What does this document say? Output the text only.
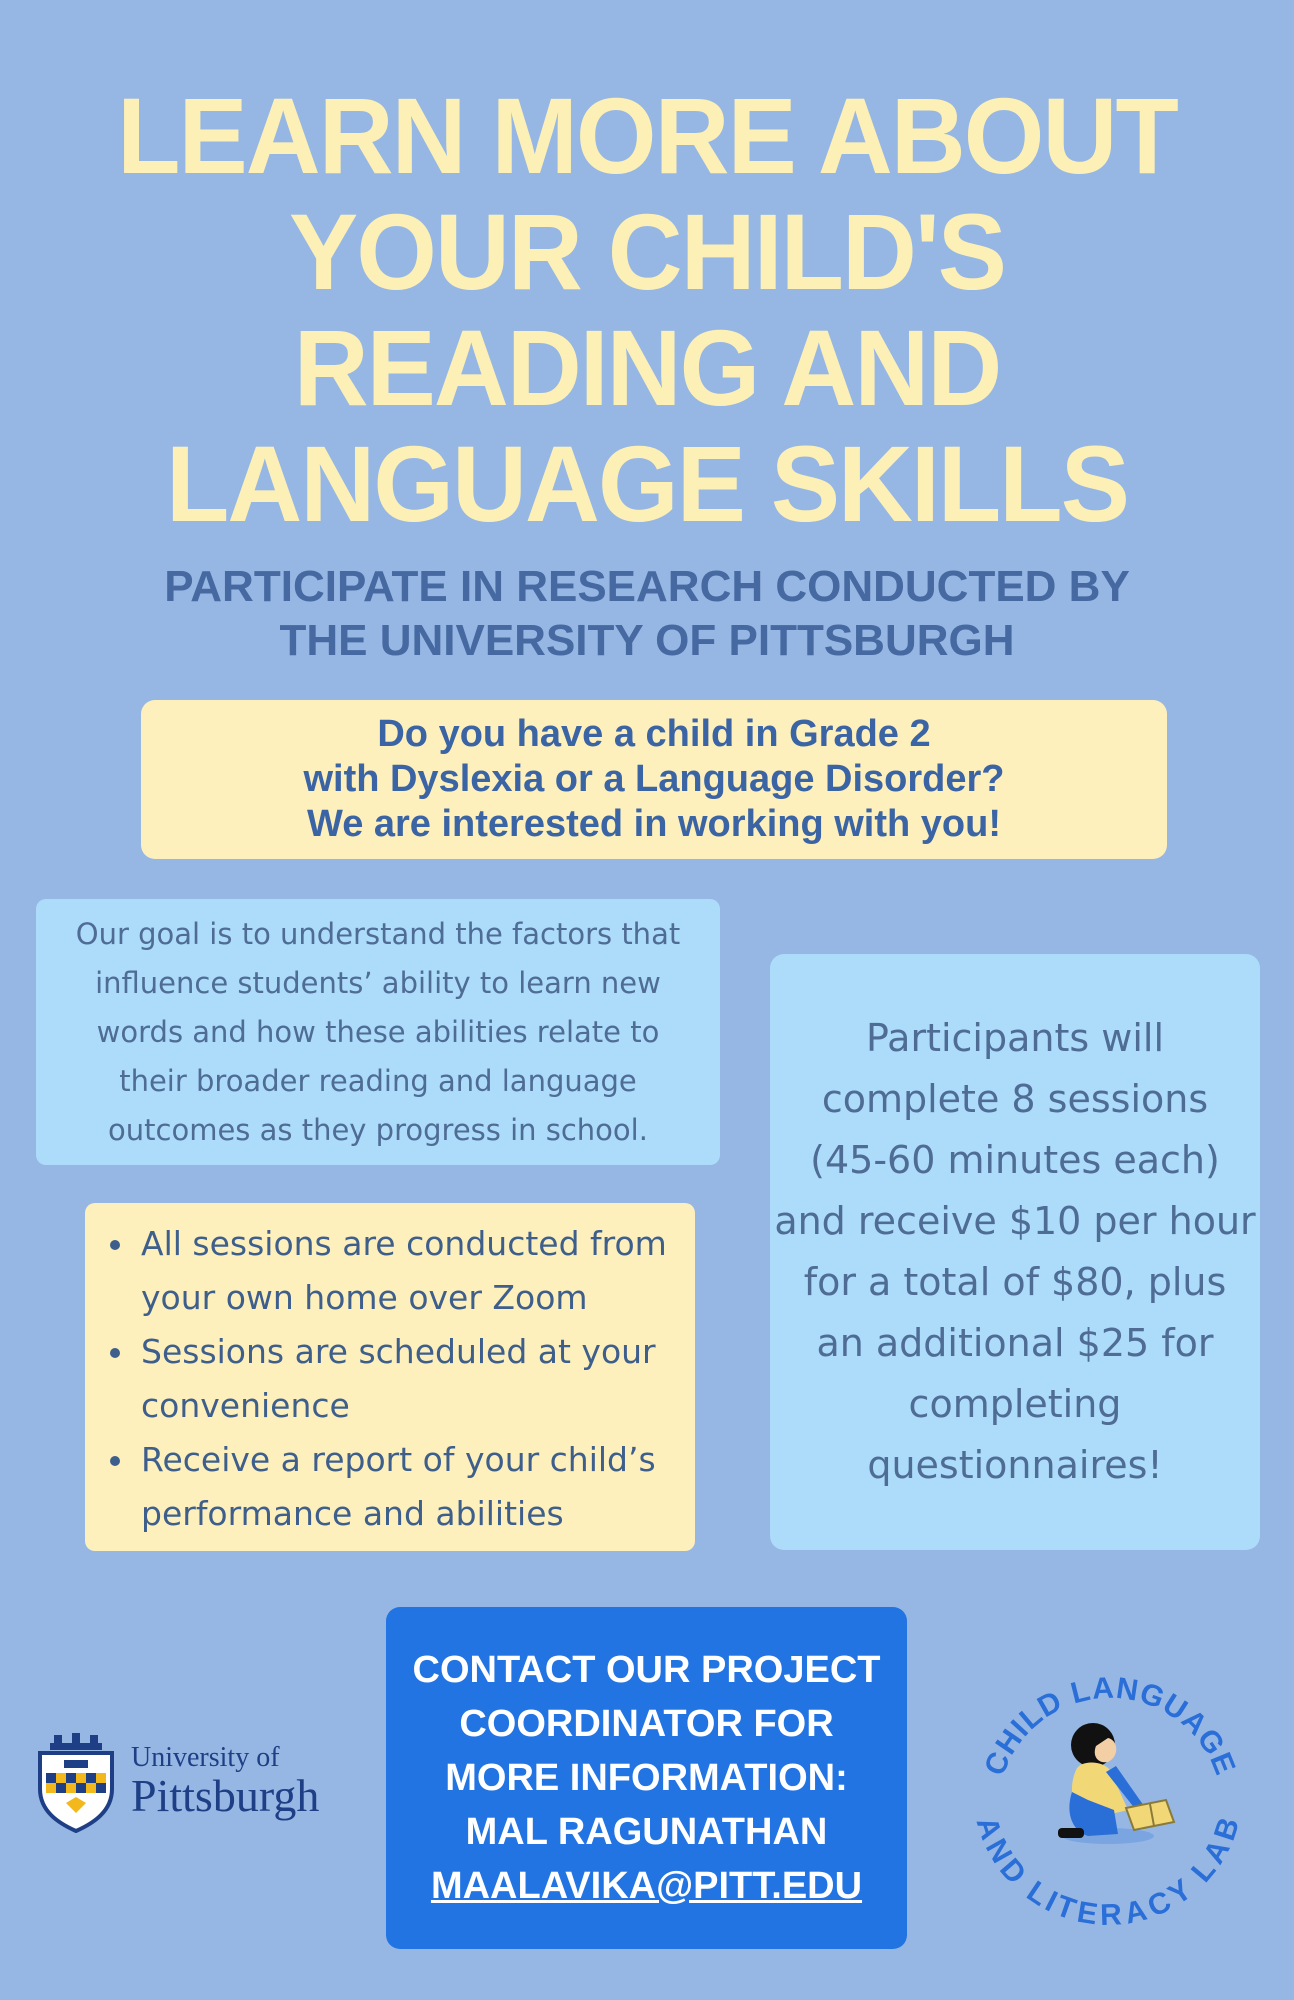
LEARN MORE ABOUT
YOUR CHILD'S
READING AND
LANGUAGE SKILLS
PARTICIPATE IN RESEARCH CONDUCTED BY
THE UNIVERSITY OF PITTSBURGH
Do you have a child in Grade 2
with Dyslexia or a Language Disorder?
We are interested in working with you!
Our goal is to understand the factors that
influence students’ ability to learn new
words and how these abilities relate to
their broader reading and language
outcomes as they progress in school.
• All sessions are conducted from your own home over Zoom
• Sessions are scheduled at your convenience
• Receive a report of your child’s performance and abilities
Participants will
complete 8 sessions
(45-60 minutes each)
and receive $10 per hour
for a total of $80, plus
an additional $25 for
completing
questionnaires!
University of
Pittsburgh
CONTACT OUR PROJECT
COORDINATOR FOR
MORE INFORMATION:
MAL RAGUNATHAN
MAALAVIKA@PITT.EDU
CHILD LANGUAGE
AND LITERACY LAB
